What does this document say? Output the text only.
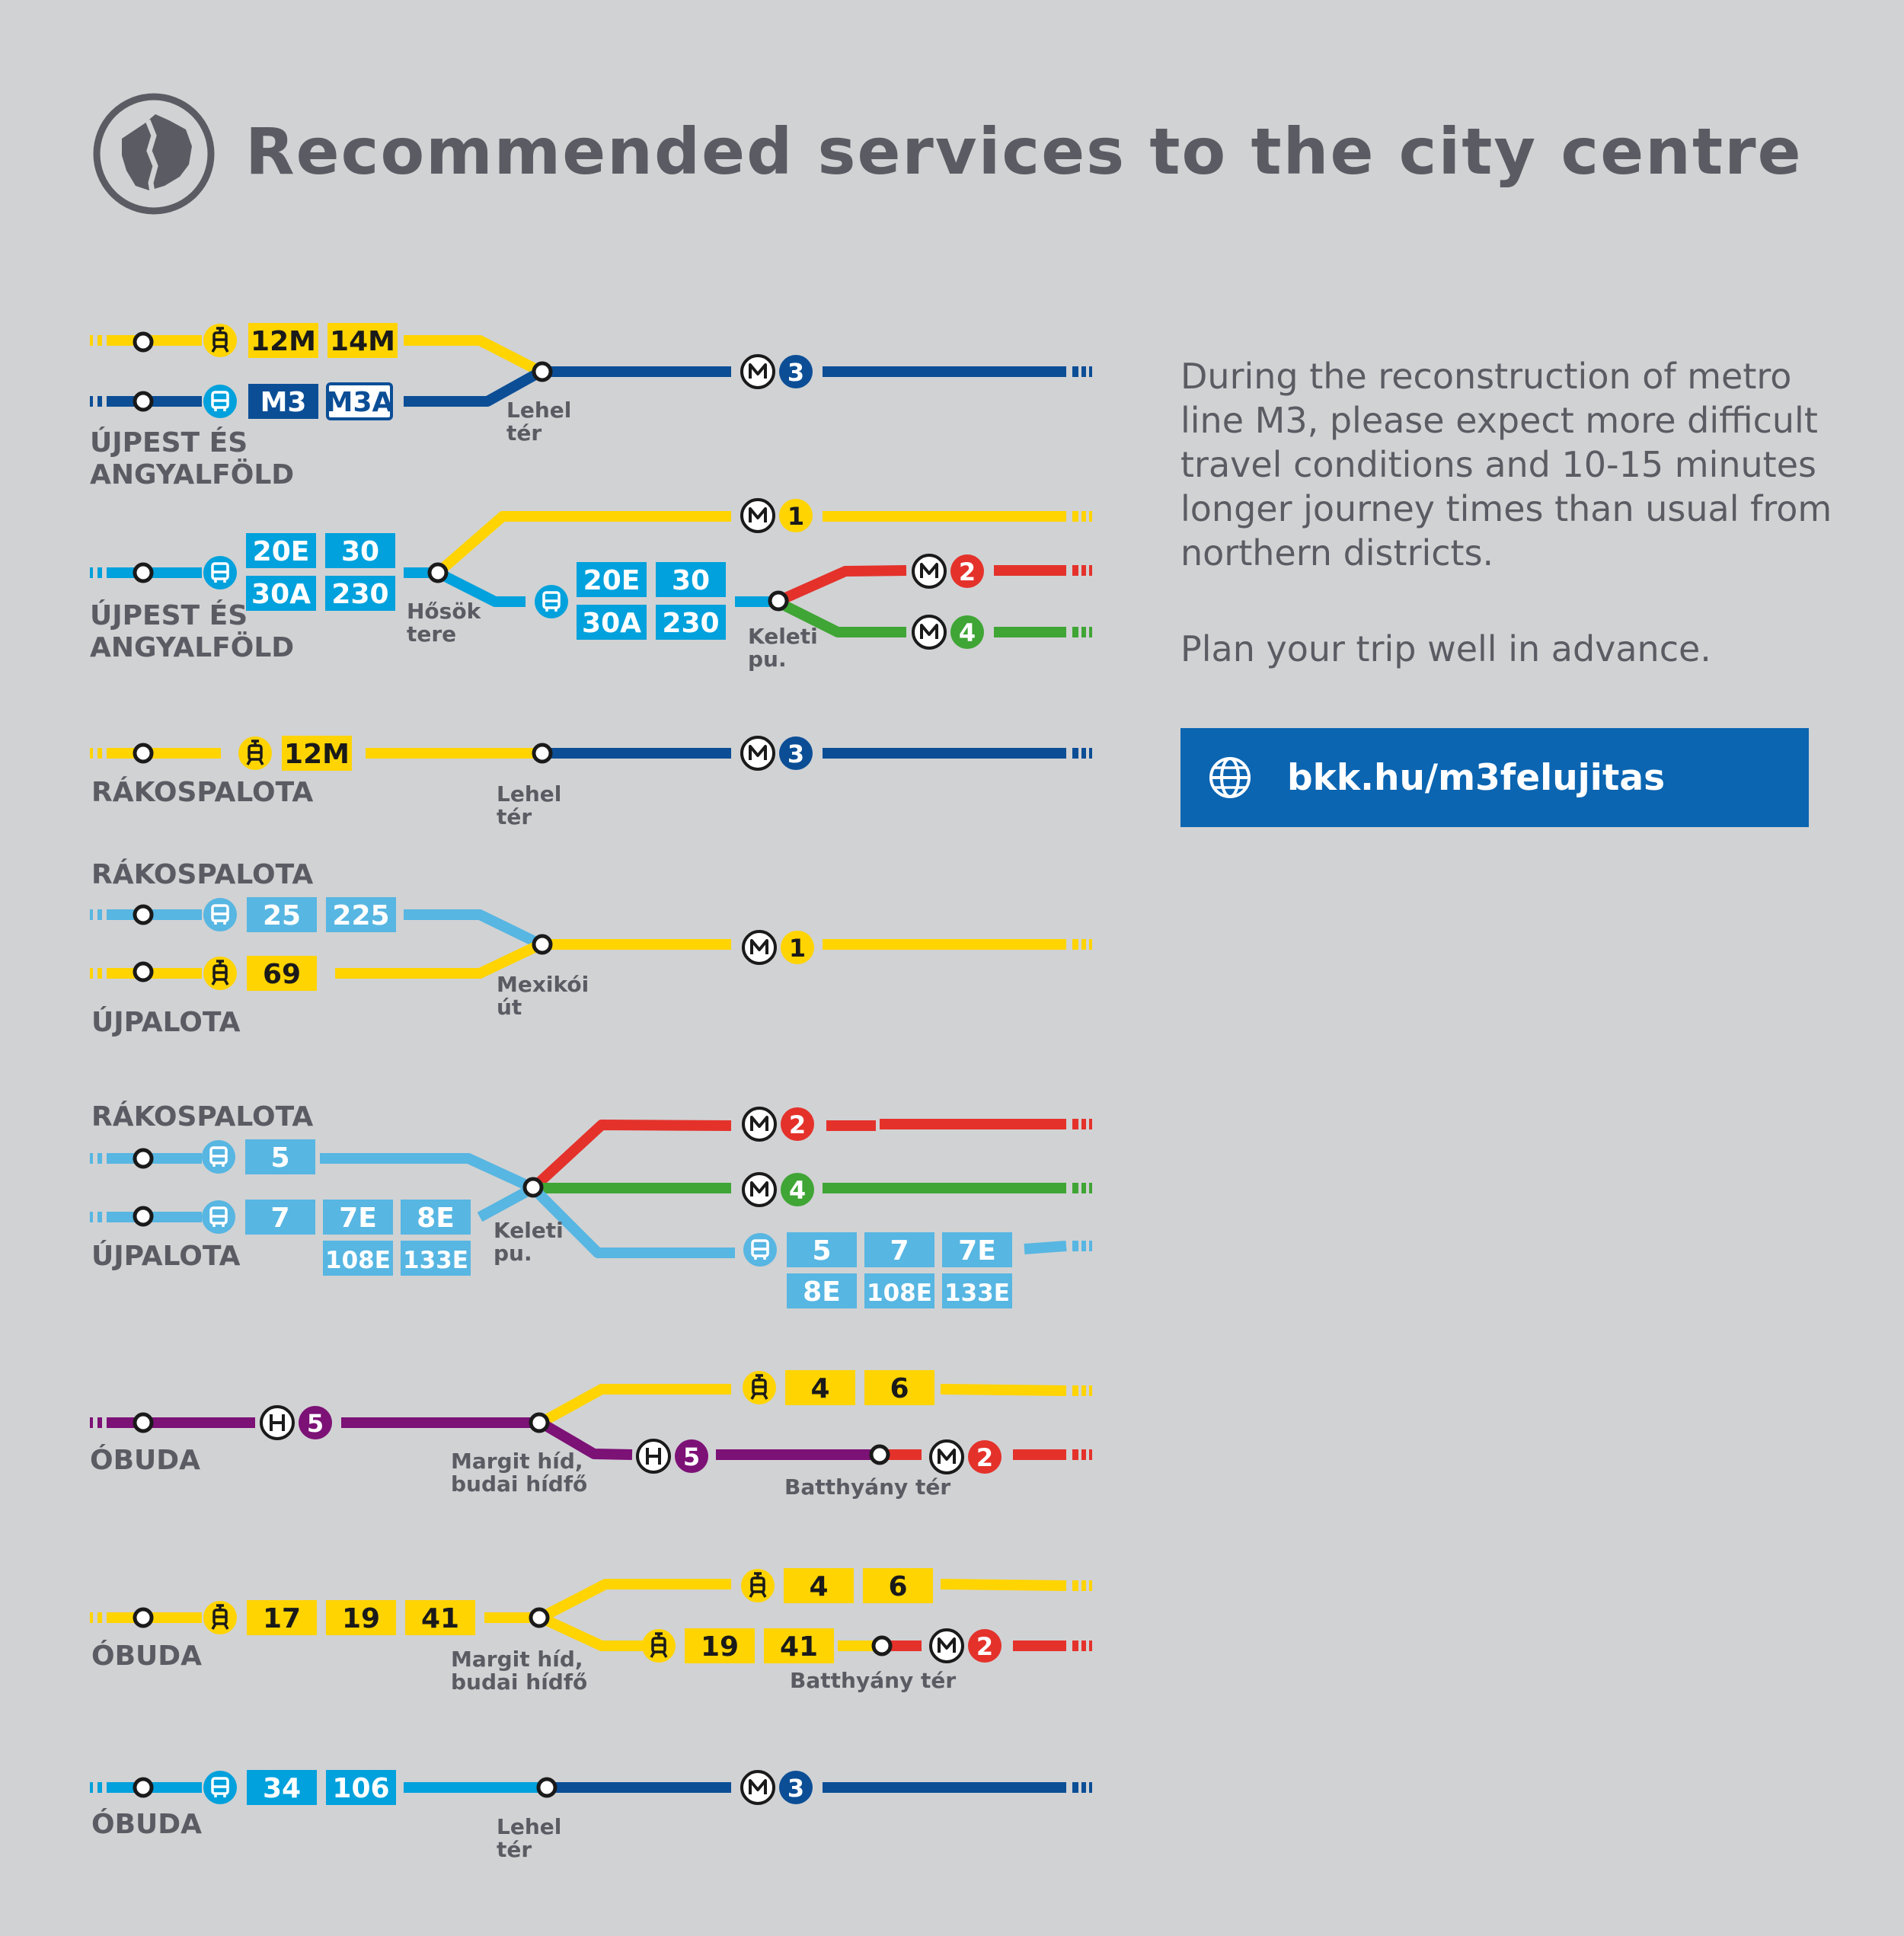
Recommended services to the city centre
12M 14M
M3 M3A
3
Lehel
tér
ÚJPEST ÉS
ANGYALFÖLD
20E 30
30A 230	20E 30
30A 230
1
2
4
Hősök
tere	Keleti
pu.
ÚJPEST ÉS
ANGYALFÖLD
12M	3
Lehel
tér
RÁKOSPALOTA
RÁKOSPALOTA
25 225
69
1
Mexikói
út
ÚJPALOTA
RÁKOSPALOTA
5
7 7E 8E
108E 133E	5 7 7E
8E 108E 133E
2
4
Keleti
pu.
ÚJPALOTA
5
4 6
5	2
Margit híd,
budai hídfő	Batthyány tér
ÓBUDA
17 19 41
4 6
19 41	2
Margit híd,
budai hídfő	Batthyány tér
ÓBUDA
34 106	3
Lehel
tér
ÓBUDA
During the reconstruction of metro line M3, please expect more difficult travel conditions and 10-15 minutes longer journey times than usual from northern districts.
Plan your trip well in advance.
bkk.hu/m3felujitas
